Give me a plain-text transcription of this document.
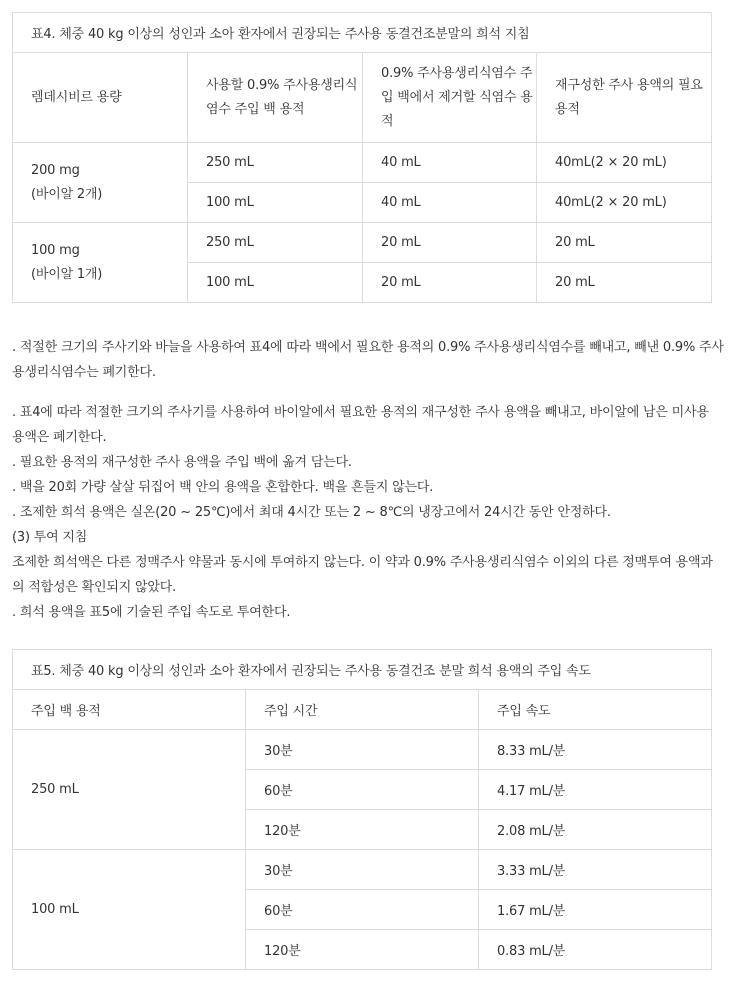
표4. 체중 40 kg 이상의 성인과 소아 환자에서 권장되는 주사용 동결건조분말의 희석 지침			
렘데시비르 용량	사용할 0.9% 주사용생리식염수 주입 백 용적	0.9% 주사용생리식염수 주입 백에서 제거할 식염수 용적	재구성한 주사 용액의 필요 용적

200 mg
(바이알 2개)	250 mL	40 mL	40mL(2 × 20 mL)
	100 mL	40 mL	40mL(2 × 20 mL)

100 mg
(바이알 1개)	250 mL	20 mL	20 mL
	100 mL	20 mL	20 mL

. 적절한 크기의 주사기와 바늘을 사용하여 표4에 따라 백에서 필요한 용적의 0.9% 주사용생리식염수를 빼내고, 빼낸 0.9% 주사용생리식염수는 폐기한다.

. 표4에 따라 적절한 크기의 주사기를 사용하여 바이알에서 필요한 용적의 재구성한 주사 용액을 빼내고, 바이알에 남은 미사용 용액은 폐기한다.

. 필요한 용적의 재구성한 주사 용액을 주입 백에 옮겨 담는다.

. 백을 20회 가량 살살 뒤집어 백 안의 용액을 혼합한다. 백을 흔들지 않는다.

. 조제한 희석 용액은 실온(20 ~ 25℃)에서 최대 4시간 또는 2 ~ 8℃의 냉장고에서 24시간 동안 안정하다.

(3) 투여 지침

조제한 희석액은 다른 정맥주사 약물과 동시에 투여하지 않는다. 이 약과 0.9% 주사용생리식염수 이외의 다른 정맥투여 용액과의 적합성은 확인되지 않았다.

. 희석 용액을 표5에 기술된 주입 속도로 투여한다.

표5. 체중 40 kg 이상의 성인과 소아 환자에서 권장되는 주사용 동결건조 분말 희석 용액의 주입 속도		
주입 백 용적	주입 시간	주입 속도
250 mL	30분	8.33 mL/분
	60분	4.17 mL/분
	120분	2.08 mL/분
100 mL	30분	3.33 mL/분
	60분	1.67 mL/분
	120분	0.83 mL/분
